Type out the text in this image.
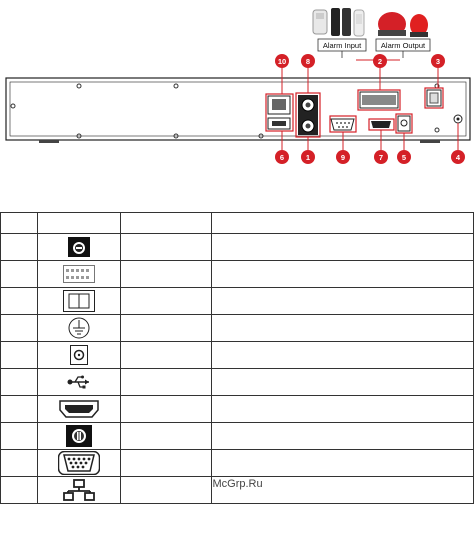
Alarm Input	Alarm Output
10	8	2	3
6	1	9	7	5	4

McGrp.Ru
